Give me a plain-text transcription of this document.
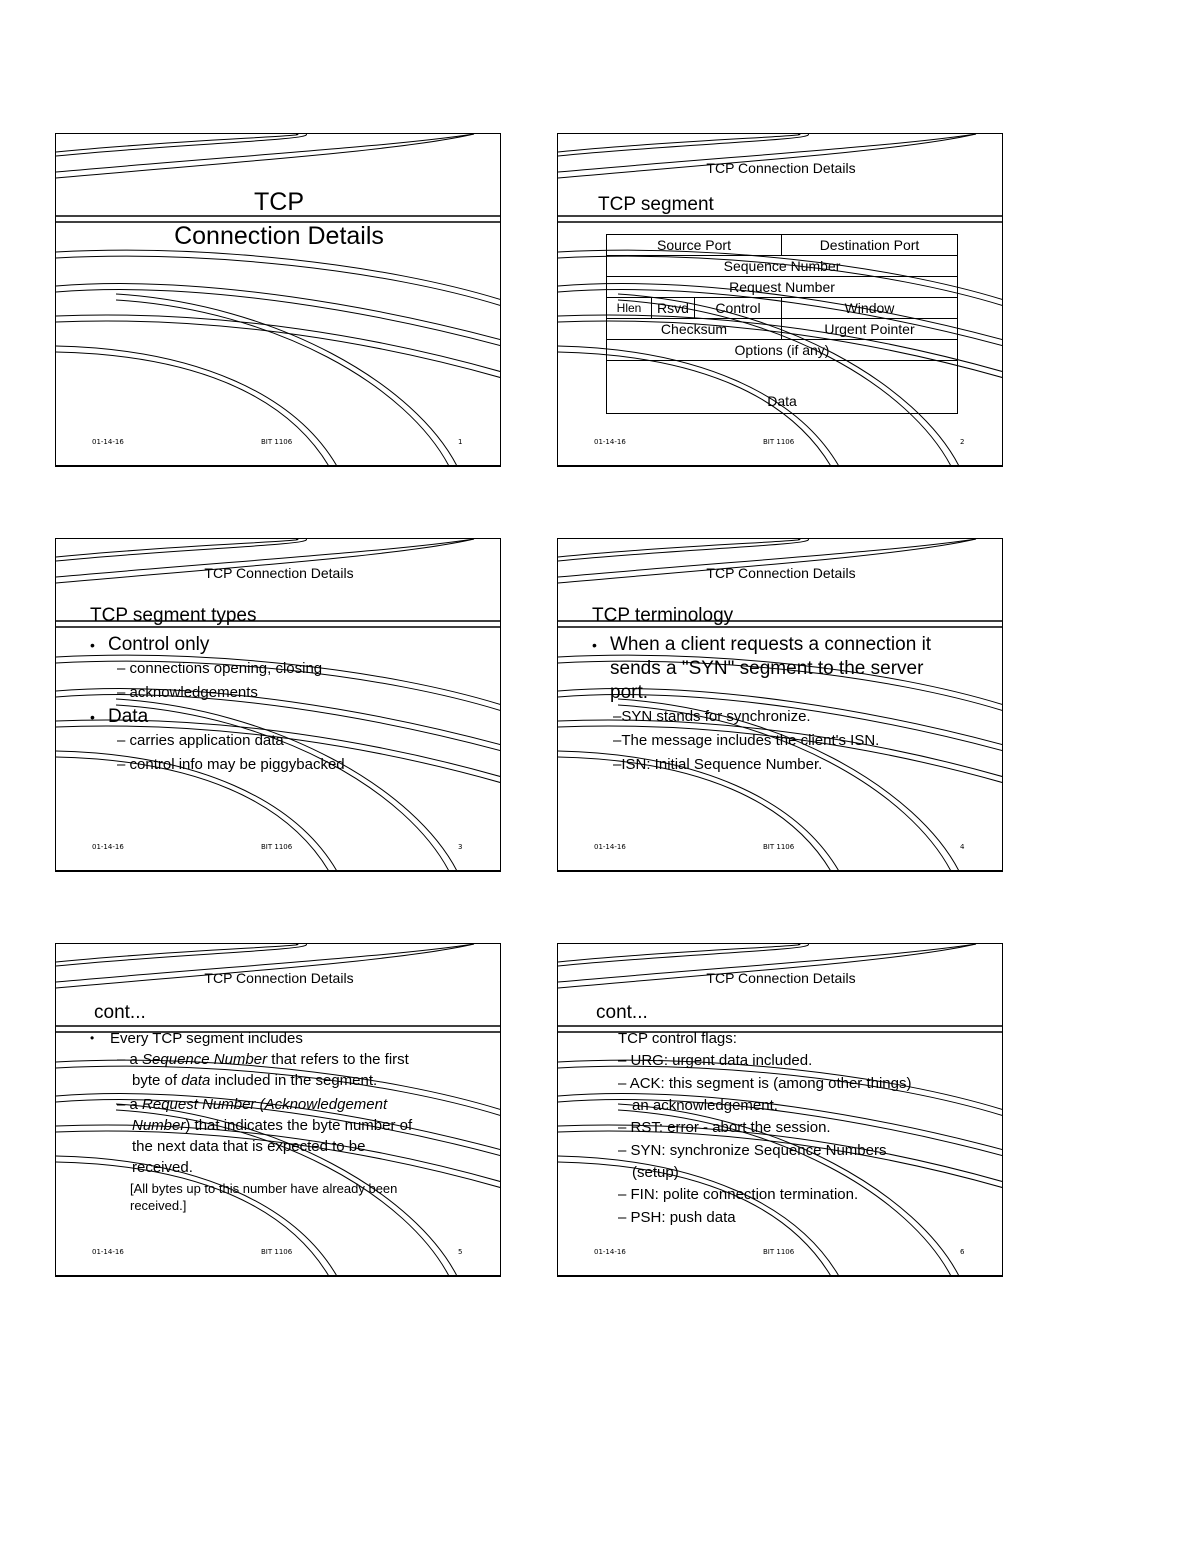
TCP
Connection Details
01-14-16	BIT 1106	1
TCP Connection Details
TCP segment
Source Port			Destination Port
Sequence Number			
Request Number			
Hlen	Rsvd	Control	Window
Checksum			Urgent Pointer
Options (if any)			
Data			
01-14-16	BIT 1106	2
TCP Connection Details
TCP segment types
• Control only
– connections opening, closing
– acknowledgements
• Data
– carries application data
– control info may be piggybacked
01-14-16	BIT 1106	3
TCP Connection Details
TCP terminology
• When a client requests a connection it
sends a "SYN" segment to the server
port.
–SYN stands for synchronize.
–The message includes the client's ISN.
–ISN: Initial Sequence Number.
01-14-16	BIT 1106	4
TCP Connection Details
cont...
• Every TCP segment includes
– a Sequence Number that refers to the first
byte of data included in the segment.
– a Request Number (Acknowledgement
Number) that indicates the byte number of
the next data that is expected to be
received.
[All bytes up to this number have already been
received.]
01-14-16	BIT 1106	5
TCP Connection Details
cont...
TCP control flags:
– URG: urgent data included.
– ACK: this segment is (among other things)
an acknowledgement.
– RST: error - abort the session.
– SYN: synchronize Sequence Numbers
(setup)
– FIN: polite connection termination.
– PSH: push data
01-14-16	BIT 1106	6
